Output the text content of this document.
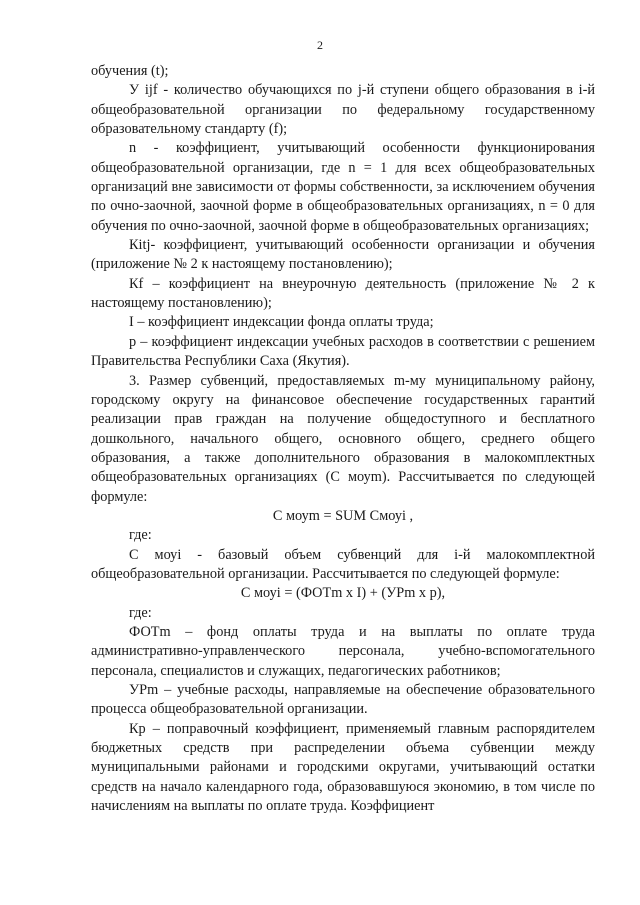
2

обучения (t);

У ijf - количество обучающихся по j-й ступени общего образования в i-й общеобразовательной организации по федеральному государственному образовательному стандарту (f);

n - коэффициент, учитывающий особенности функционирования общеобразовательной организации, где n = 1 для всех общеобразовательных организаций вне зависимости от формы собственности, за исключением обучения по очно-заочной, заочной форме в общеобразовательных организациях, n = 0 для обучения по очно-заочной, заочной форме в общеобразовательных организациях;

Кitj- коэффициент, учитывающий особенности организации и обучения (приложение № 2 к настоящему постановлению);

Кf – коэффициент на внеурочную деятельность (приложение № 2 к настоящему постановлению);

I – коэффициент индексации фонда оплаты труда;

р – коэффициент индексации учебных расходов в соответствии с решением Правительства Республики Саха (Якутия).

3. Размер субвенций, предоставляемых m-му муниципальному району, городскому округу на финансовое обеспечение государственных гарантий реализации прав граждан на получение общедоступного и бесплатного дошкольного, начального общего, основного общего, среднего общего образования, а также дополнительного образования в малокомплектных общеобразовательных организациях (С моуm). Рассчитывается по следующей формуле:

С моуm = SUM Cмоуi ,

где:

С моуi - базовый объем субвенций для i-й малокомплектной общеобразовательной организации. Рассчитывается по следующей формуле:

С моуi = (ФОТm x I) + (УРm x р),

где:

ФОТm – фонд оплаты труда и на выплаты по оплате труда административно-управленческого персонала, учебно-вспомогательного персонала, специалистов и служащих, педагогических работников;

УРm – учебные расходы, направляемые на обеспечение образовательного процесса общеобразовательной организации.

Кр – поправочный коэффициент, применяемый главным распорядителем бюджетных средств при распределении объема субвенции между муниципальными районами и городскими округами, учитывающий остатки средств на начало календарного года, образовавшуюся экономию, в том числе по начислениям на выплаты по оплате труда. Коэффициент
